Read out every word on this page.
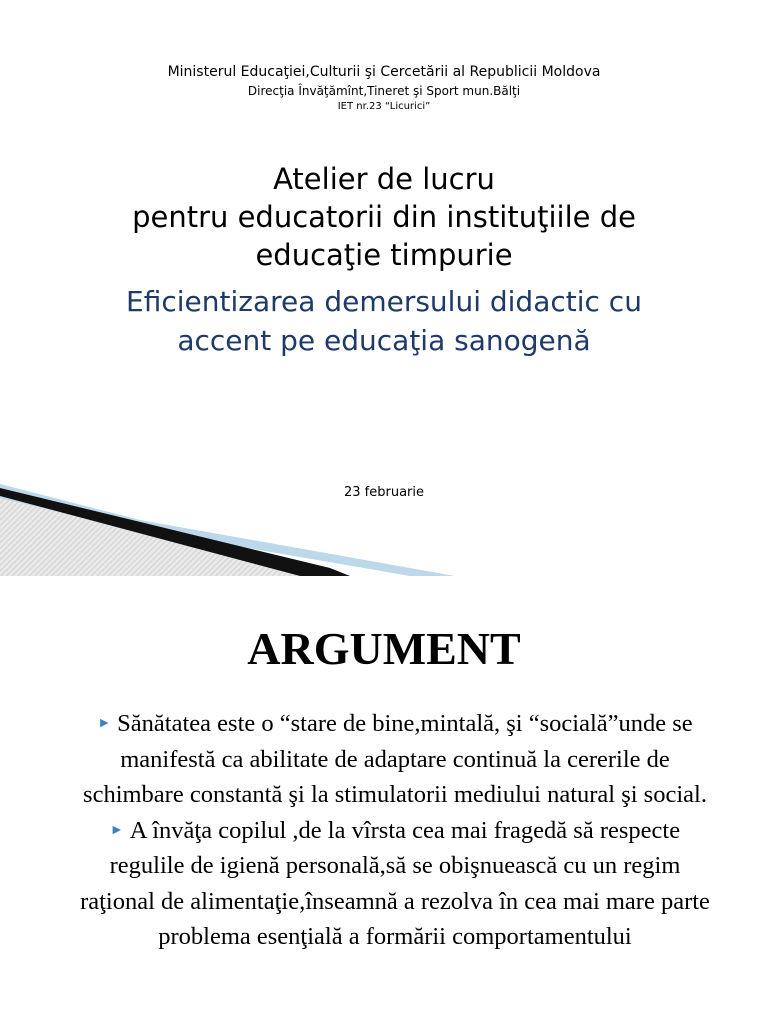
Ministerul Educaţiei,Culturii şi Cercetării al Republicii Moldova
Direcţia Învăţămînt,Tineret şi Sport mun.Bălţi
IET nr.23 “Licurici”
Atelier de lucru
pentru educatorii din instituţiile de
educaţie timpurie
Eficientizarea demersului didactic cu
accent pe educaţia sanogenă
23 februarie
ARGUMENT
► Sănătatea este o “stare de bine,mintală, şi “socială”unde se manifestă ca abilitate de adaptare continuă la cererile de schimbare constantă şi la stimulatorii mediului natural şi social.
► A învăţa copilul ,de la vîrsta cea mai fragedă să respecte regulile de igienă personală,să se obişnuească cu un regim raţional de alimentaţie,înseamnă a rezolva în cea mai mare parte problema esenţială a formării comportamentului
